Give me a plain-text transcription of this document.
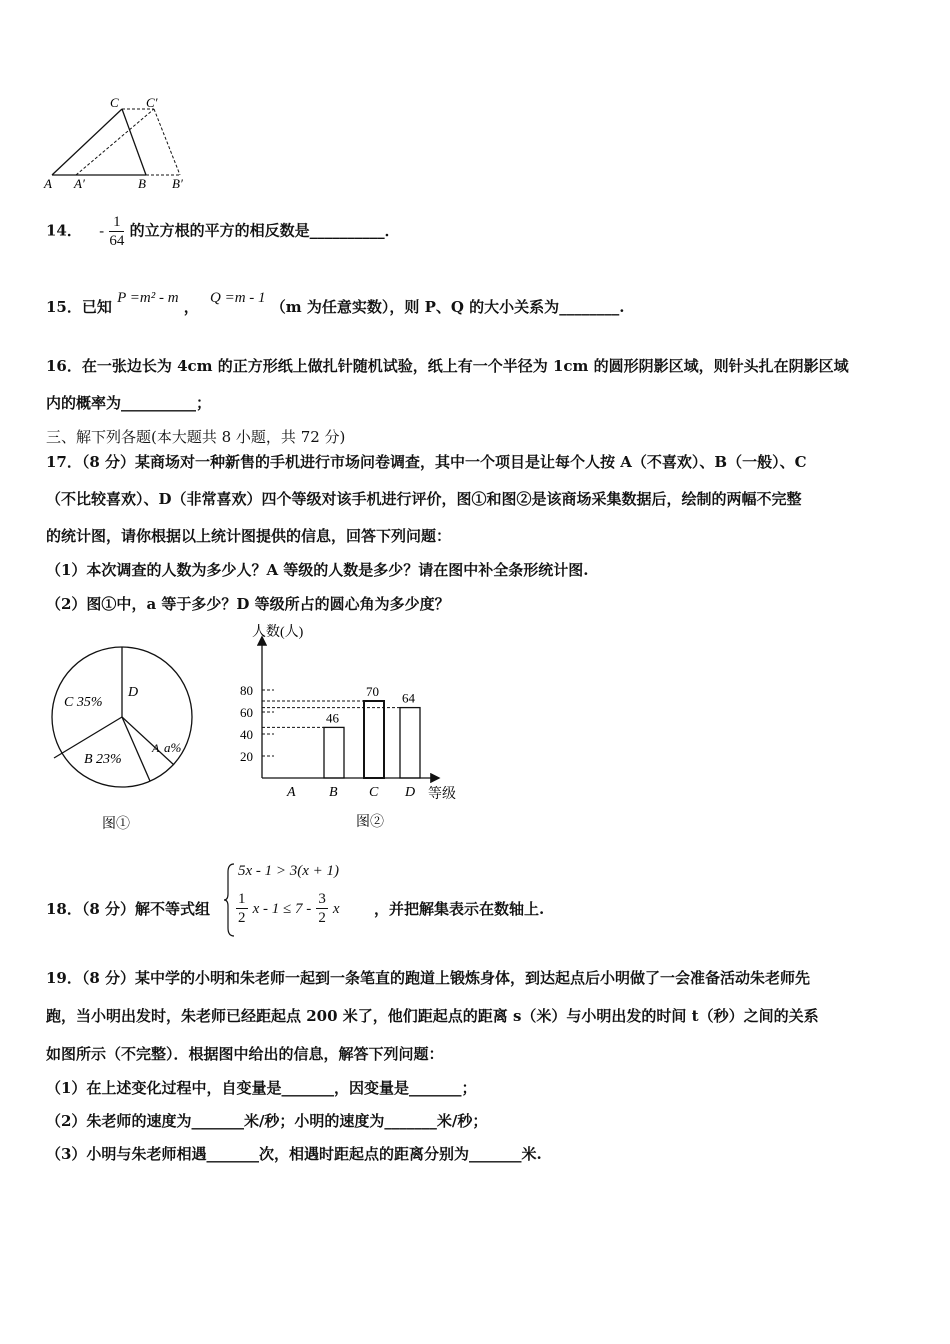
C C′
A A′	B B′
14． - $\frac{1}{64}$ 的立方根的平方的相反数是__________．
15．已知 P =m² - m ， Q =m - 1 （m 为任意实数），则 P、Q 的大小关系为________.
16．在一张边长为 4cm 的正方形纸上做扎针随机试验，纸上有一个半径为 1cm 的圆形阴影区域，则针头扎在阴影区域
内的概率为__________；
三、解下列各题(本大题共 8 小题，共 72 分)
17．（8 分）某商场对一种新售的手机进行市场问卷调查，其中一个项目是让每个人按 A（不喜欢）、B（一般）、C
（不比较喜欢）、D（非常喜欢）四个等级对该手机进行评价，图①和图②是该商场采集数据后，绘制的两幅不完整
的统计图，请你根据以上统计图提供的信息，回答下列问题：
（1）本次调查的人数为多少人？A 等级的人数是多少？请在图中补全条形统计图.
（2）图①中，a 等于多少？D 等级所占的圆心角为多少度？
C 35%
D
B 23%
A a%
图①
人数(人)
等级
图②
20
40
60
80
A B
46
C
70
D
64
18．（8 分）解不等式组
5x - 1 > 3(x + 1)
$\frac{1}{2}$ $x - 1 \le 7 - \frac{3}{2}$ x ，并把解集表示在数轴上.
19．（8 分）某中学的小明和朱老师一起到一条笔直的跑道上锻炼身体，到达起点后小明做了一会准备活动朱老师先
跑，当小明出发时，朱老师已经距起点 200 米了，他们距起点的距离 s（米）与小明出发的时间 t（秒）之间的关系
如图所示（不完整）．根据图中给出的信息，解答下列问题：
（1）在上述变化过程中，自变量是_______，因变量是_______；
（2）朱老师的速度为_______米/秒；小明的速度为_______米/秒；
（3）小明与朱老师相遇_______次，相遇时距起点的距离分别为_______米.
